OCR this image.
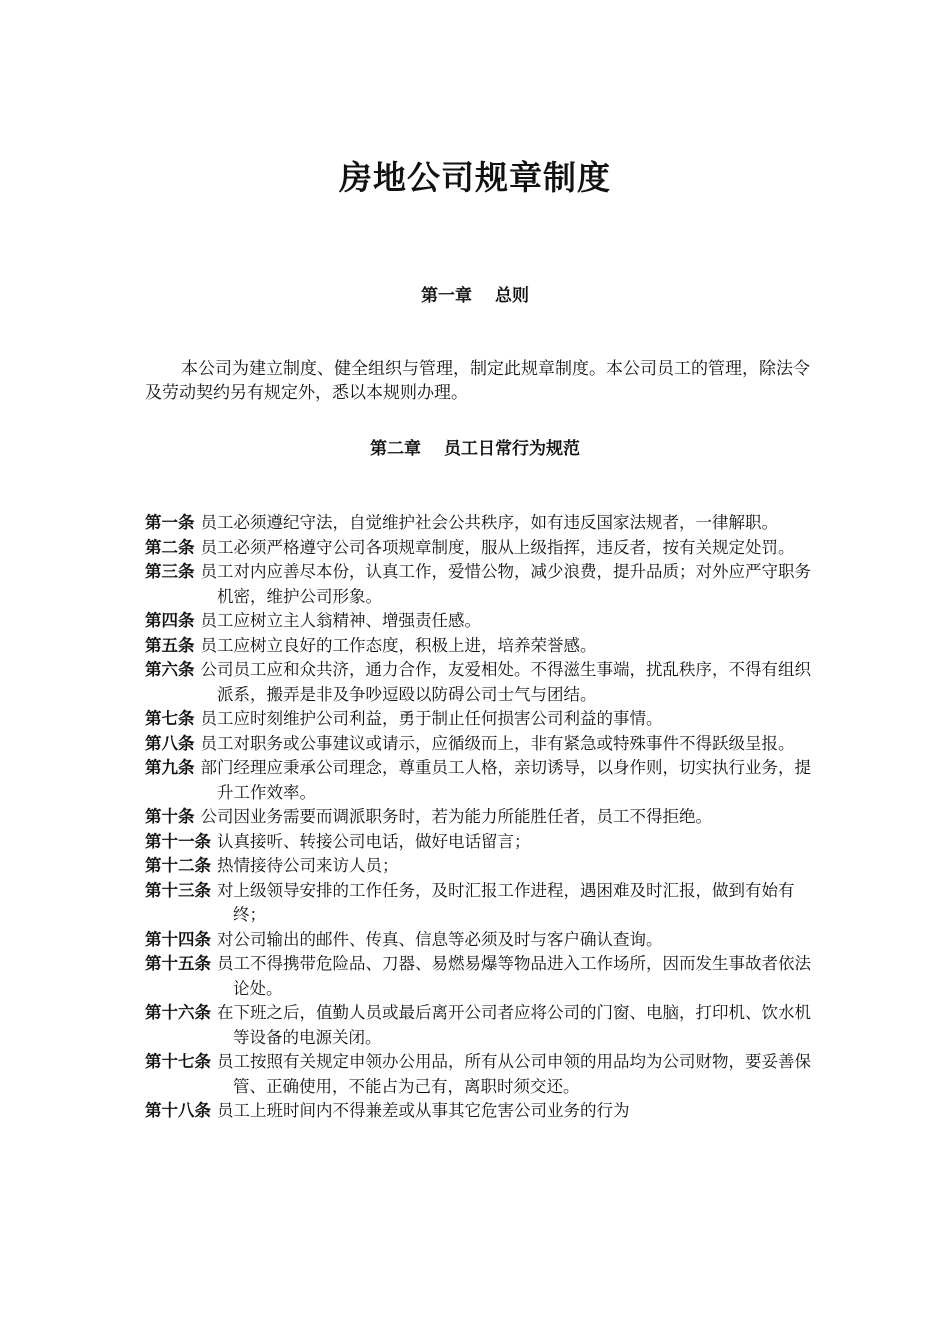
房地公司规章制度
第一章　 总则

本公司为建立制度、健全组织与管理，制定此规章制度。本公司员工的管理，除法令及劳动契约另有规定外，悉以本规则办理。

第二章　 员工日常行为规范
第一条 员工必须遵纪守法，自觉维护社会公共秩序，如有违反国家法规者，一律解职。
第二条 员工必须严格遵守公司各项规章制度，服从上级指挥，违反者，按有关规定处罚。
第三条 员工对内应善尽本份，认真工作，爱惜公物，减少浪费，提升品质；对外应严守职务机密，维护公司形象。
第四条 员工应树立主人翁精神、增强责任感。
第五条 员工应树立良好的工作态度，积极上进，培养荣誉感。
第六条 公司员工应和众共济，通力合作，友爱相处。不得滋生事端，扰乱秩序，不得有组织派系，搬弄是非及争吵逗殴以防碍公司士气与团结。
第七条 员工应时刻维护公司利益，勇于制止任何损害公司利益的事情。
第八条 员工对职务或公事建议或请示，应循级而上，非有紧急或特殊事件不得跃级呈报。
第九条 部门经理应秉承公司理念，尊重员工人格，亲切诱导，以身作则，切实执行业务，提升工作效率。
第十条 公司因业务需要而调派职务时，若为能力所能胜任者，员工不得拒绝。
第十一条 认真接听、转接公司电话，做好电话留言；
第十二条 热情接待公司来访人员；
第十三条 对上级领导安排的工作任务，及时汇报工作进程，遇困难及时汇报，做到有始有终；
第十四条 对公司输出的邮件、传真、信息等必须及时与客户确认查询。
第十五条 员工不得携带危险品、刀器、易燃易爆等物品进入工作场所，因而发生事故者依法论处。
第十六条 在下班之后，值勤人员或最后离开公司者应将公司的门窗、电脑，打印机、饮水机等设备的电源关闭。
第十七条 员工按照有关规定申领办公用品，所有从公司申领的用品均为公司财物，要妥善保管、正确使用，不能占为己有，离职时须交还。
第十八条 员工上班时间内不得兼差或从事其它危害公司业务的行为
